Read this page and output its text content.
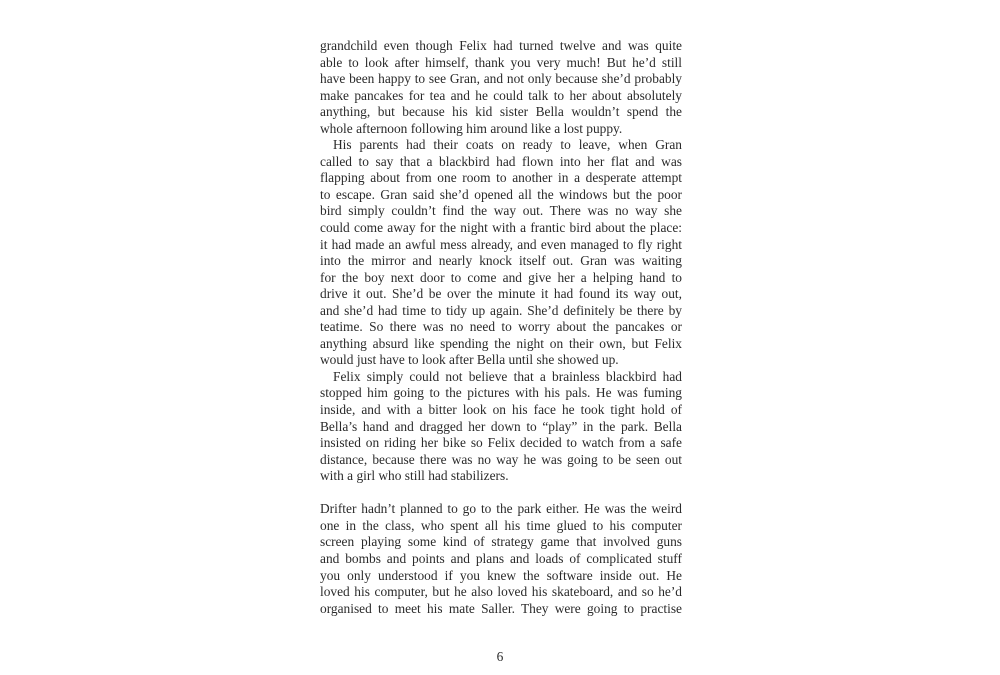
grandchild even though Felix had turned twelve and was quite
able to look after himself, thank you very much! But he’d still
have been happy to see Gran, and not only because she’d probably
make pancakes for tea and he could talk to her about absolutely
anything, but because his kid sister Bella wouldn’t spend the
whole afternoon following him around like a lost puppy.
His parents had their coats on ready to leave, when Gran
called to say that a blackbird had flown into her flat and was
flapping about from one room to another in a desperate attempt
to escape. Gran said she’d opened all the windows but the poor
bird simply couldn’t find the way out. There was no way she
could come away for the night with a frantic bird about the place:
it had made an awful mess already, and even managed to fly right
into the mirror and nearly knock itself out. Gran was waiting
for the boy next door to come and give her a helping hand to
drive it out. She’d be over the minute it had found its way out,
and she’d had time to tidy up again. She’d definitely be there by
teatime. So there was no need to worry about the pancakes or
anything absurd like spending the night on their own, but Felix
would just have to look after Bella until she showed up.
Felix simply could not believe that a brainless blackbird had
stopped him going to the pictures with his pals. He was fuming
inside, and with a bitter look on his face he took tight hold of
Bella’s hand and dragged her down to “play” in the park. Bella
insisted on riding her bike so Felix decided to watch from a safe
distance, because there was no way he was going to be seen out
with a girl who still had stabilizers.
Drifter hadn’t planned to go to the park either. He was the weird
one in the class, who spent all his time glued to his computer
screen playing some kind of strategy game that involved guns
and bombs and points and plans and loads of complicated stuff
you only understood if you knew the software inside out. He
loved his computer, but he also loved his skateboard, and so he’d
organised to meet his mate Saller. They were going to practise
6
